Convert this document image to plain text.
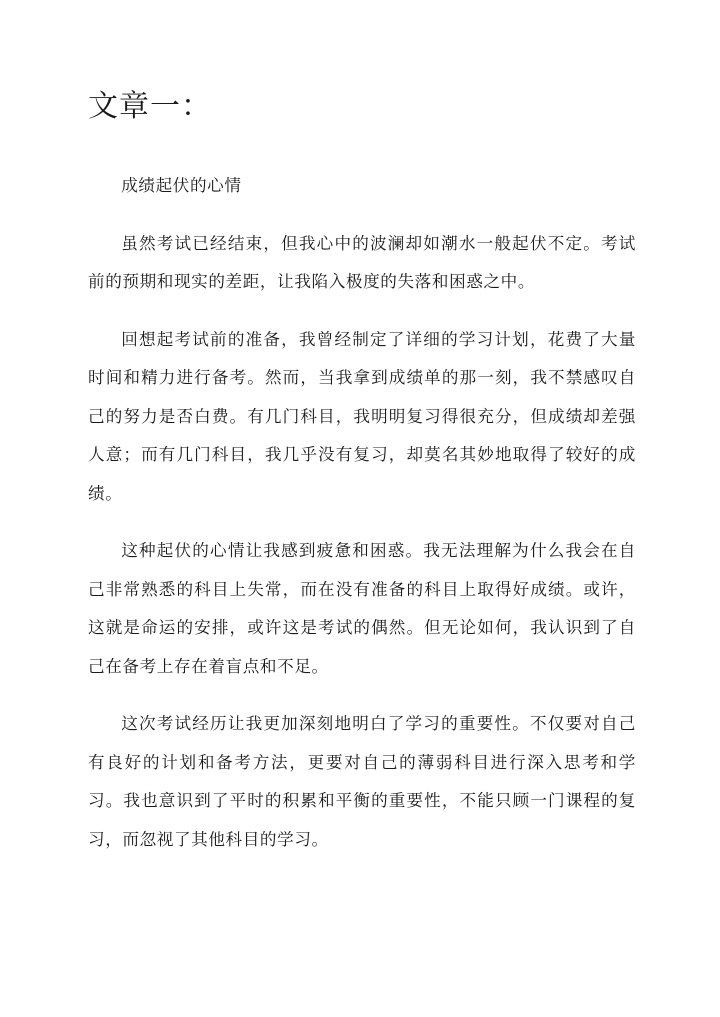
文章一：

成绩起伏的心情

虽然考试已经结束，但我心中的波澜却如潮水一般起伏不定。考试前的预期和现实的差距，让我陷入极度的失落和困惑之中。

回想起考试前的准备，我曾经制定了详细的学习计划，花费了大量时间和精力进行备考。然而，当我拿到成绩单的那一刻，我不禁感叹自己的努力是否白费。有几门科目，我明明复习得很充分，但成绩却差强人意；而有几门科目，我几乎没有复习，却莫名其妙地取得了较好的成绩。

这种起伏的心情让我感到疲惫和困惑。我无法理解为什么我会在自己非常熟悉的科目上失常，而在没有准备的科目上取得好成绩。或许，这就是命运的安排，或许这是考试的偶然。但无论如何，我认识到了自己在备考上存在着盲点和不足。

这次考试经历让我更加深刻地明白了学习的重要性。不仅要对自己有良好的计划和备考方法，更要对自己的薄弱科目进行深入思考和学习。我也意识到了平时的积累和平衡的重要性，不能只顾一门课程的复习，而忽视了其他科目的学习。
